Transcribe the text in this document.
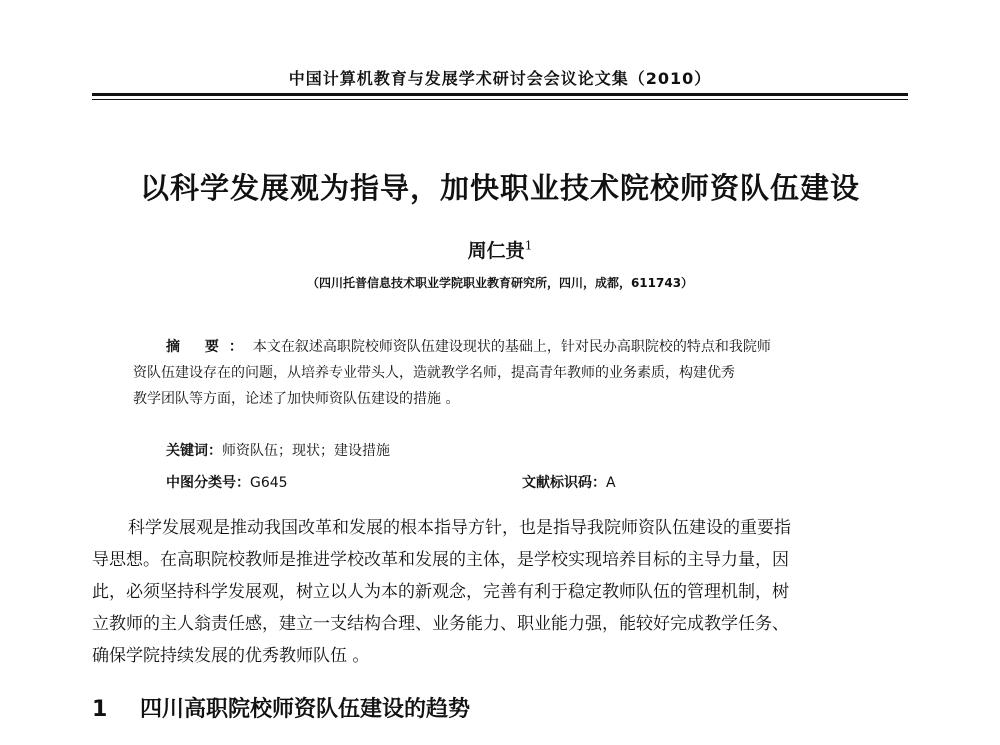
中国计算机教育与发展学术研讨会会议论文集（2010）
以科学发展观为指导，加快职业技术院校师资队伍建设
周仁贵$^1$
（四川托普信息技术职业学院职业教育研究所，四川，成都，611743）
摘 要：本文在叙述高职院校师资队伍建设现状的基础上，针对民办高职院校的特点和我院师
资队伍建设存在的问题，从培养专业带头人，造就教学名师，提高青年教师的业务素质，构建优秀
教学团队等方面，论述了加快师资队伍建设的措施 。
关键词：师资队伍；现状；建设措施
中图分类号：G645	文献标识码：A
科学发展观是推动我国改革和发展的根本指导方针，也是指导我院师资队伍建设的重要指
导思想。在高职院校教师是推进学校改革和发展的主体，是学校实现培养目标的主导力量，因
此，必须坚持科学发展观，树立以人为本的新观念，完善有利于稳定教师队伍的管理机制，树
立教师的主人翁责任感，建立一支结构合理、业务能力、职业能力强，能较好完成教学任务、
确保学院持续发展的优秀教师队伍 。
1 四川高职院校师资队伍建设的趋势
